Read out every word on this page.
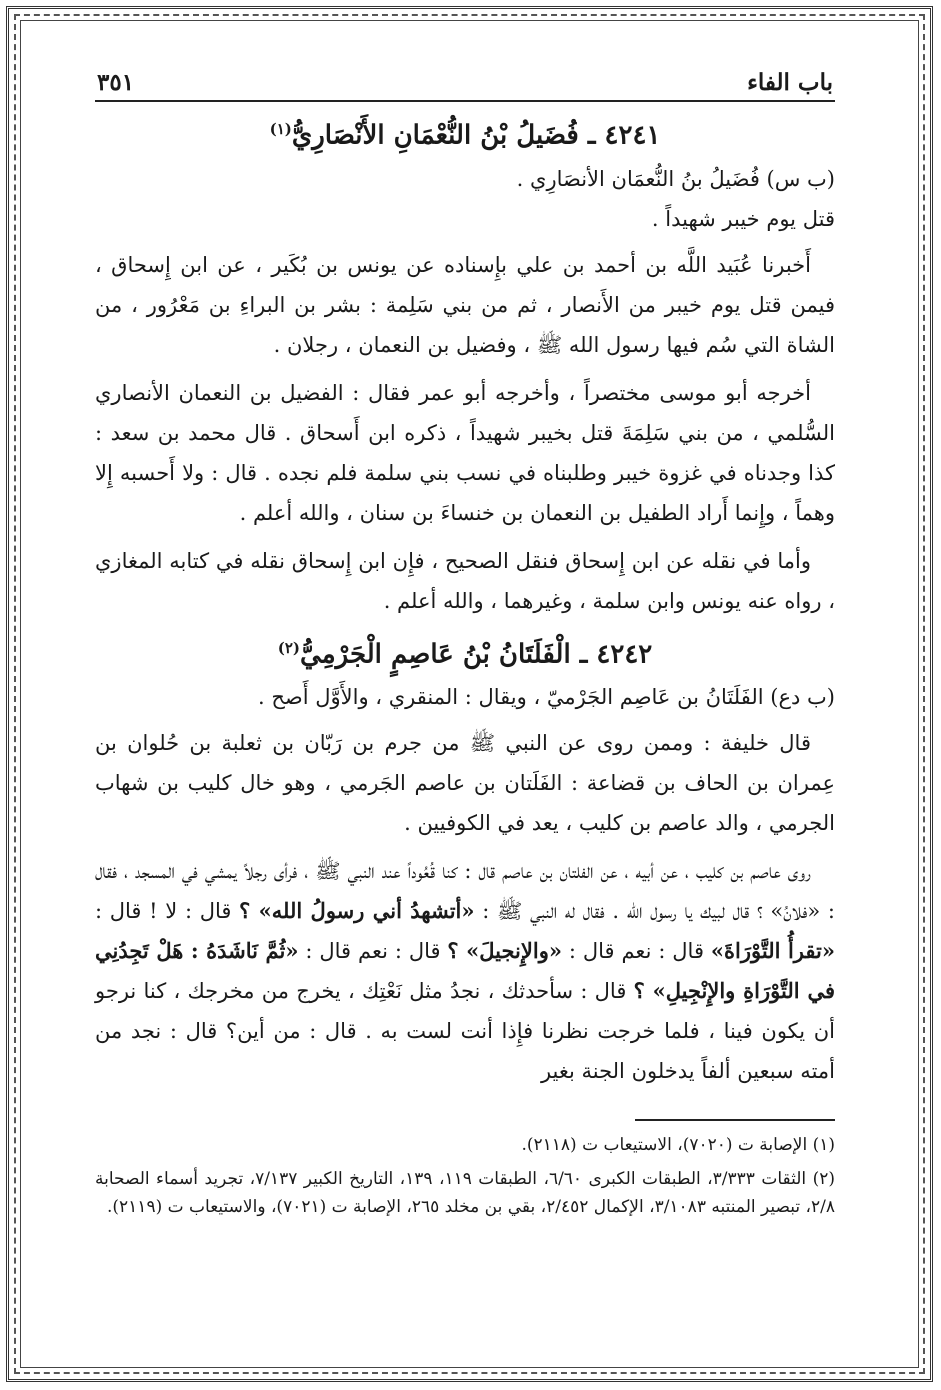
باب الفاء
٣٥١
٤٢٤١ ـ فُضَيلُ بْنُ النُّعْمَانِ الأَنْصَارِيُّ$^{(١)}$

(ب س) فُضَيلُ بنُ النُّعمَان الأنصَارِي .

قتل يوم خيبر شهيداً .

أَخبرنا عُبَيد اللَّه بن أحمد بن علي بإِسناده عن يونس بن بُكَير ، عن ابن إِسحاق ، فيمن قتل يوم خيبر من الأَنصار ، ثم من بني سَلِمة : بشر بن البراءِ بن مَعْرُور ، من الشاة التي سُم فيها رسول الله ﷺ ، وفضيل بن النعمان ، رجلان .

أخرجه أبو موسى مختصراً ، وأخرجه أبو عمر فقال : الفضيل بن النعمان الأنصاري السُّلمي ، من بني سَلِمَةَ قتل بخيبر شهيداً ، ذكره ابن أَسحاق . قال محمد بن سعد : كذا وجدناه في غزوة خيبر وطلبناه في نسب بني سلمة فلم نجده . قال : ولا أَحسبه إِلا وهماً ، وإِنما أَراد الطفيل بن النعمان بن خنساءَ بن سنان ، والله أعلم .

وأما في نقله عن ابن إِسحاق فنقل الصحيح ، فإِن ابن إِسحاق نقله في كتابه المغازي ، رواه عنه يونس وابن سلمة ، وغيرهما ، والله أعلم .

٤٢٤٢ ـ الْفَلَتَانُ بْنُ عَاصِمٍ الْجَرْمِيُّ$^{(٢)}$

(ب دع) الفَلَتَانُ بن عَاصِم الجَرْميّ ، ويقال : المنقري ، والأَوَّل أَصح .

قال خليفة : وممن روى عن النبي ﷺ من جرم بن رَبّان بن ثعلبة بن حُلوان بن عِمران بن الحاف بن قضاعة : الفَلَتان بن عاصم الجَرمي ، وهو خال كليب بن شهاب الجرمي ، والد عاصم بن كليب ، يعد في الكوفيين .

روى عاصم بن كليب ، عن أبيه ، عن الفلتان بن عاصم قال : كنا قُعُوداً عند النبي ﷺ ، فرأى رجلاً يمشي في المسجد ، فقال : «فلانُ» ؟ قال لبيك يا رسول الله . فقال له النبي ﷺ : «أتشهدُ أني رسولُ الله» ؟ قال : لا ! قال : «تقرأُ التَّوْرَاةَ» قال : نعم قال : «والإِنجيلَ» ؟ قال : نعم قال : «ثُمَّ نَاشَدَهُ : هَلْ تَجِدُنِي في التَّوْرَاةِ والإِنْجِيلِ» ؟ قال : سأحدثك ، نجدُ مثل نَعْتِك ، يخرج من مخرجك ، كنا نرجو أن يكون فينا ، فلما خرجت نظرنا فإِذا أنت لست به . قال : من أين؟ قال : نجد من أمته سبعين ألفاً يدخلون الجنة بغير

(١) الإصابة ت (٧٠٢٠)، الاستيعاب ت (٢١١٨).
(٢) الثقات ٣/٣٣٣، الطبقات الكبرى ٦/٦٠، الطبقات ١١٩، ١٣٩، التاريخ الكبير ٧/١٣٧، تجريد أسماء الصحابة ٢/٨، تبصير المنتبه ٣/١٠٨٣، الإكمال ٢/٤٥٢، بقي بن مخلد ٢٦٥، الإصابة ت (٧٠٢١)، والاستيعاب ت (٢١١٩).
